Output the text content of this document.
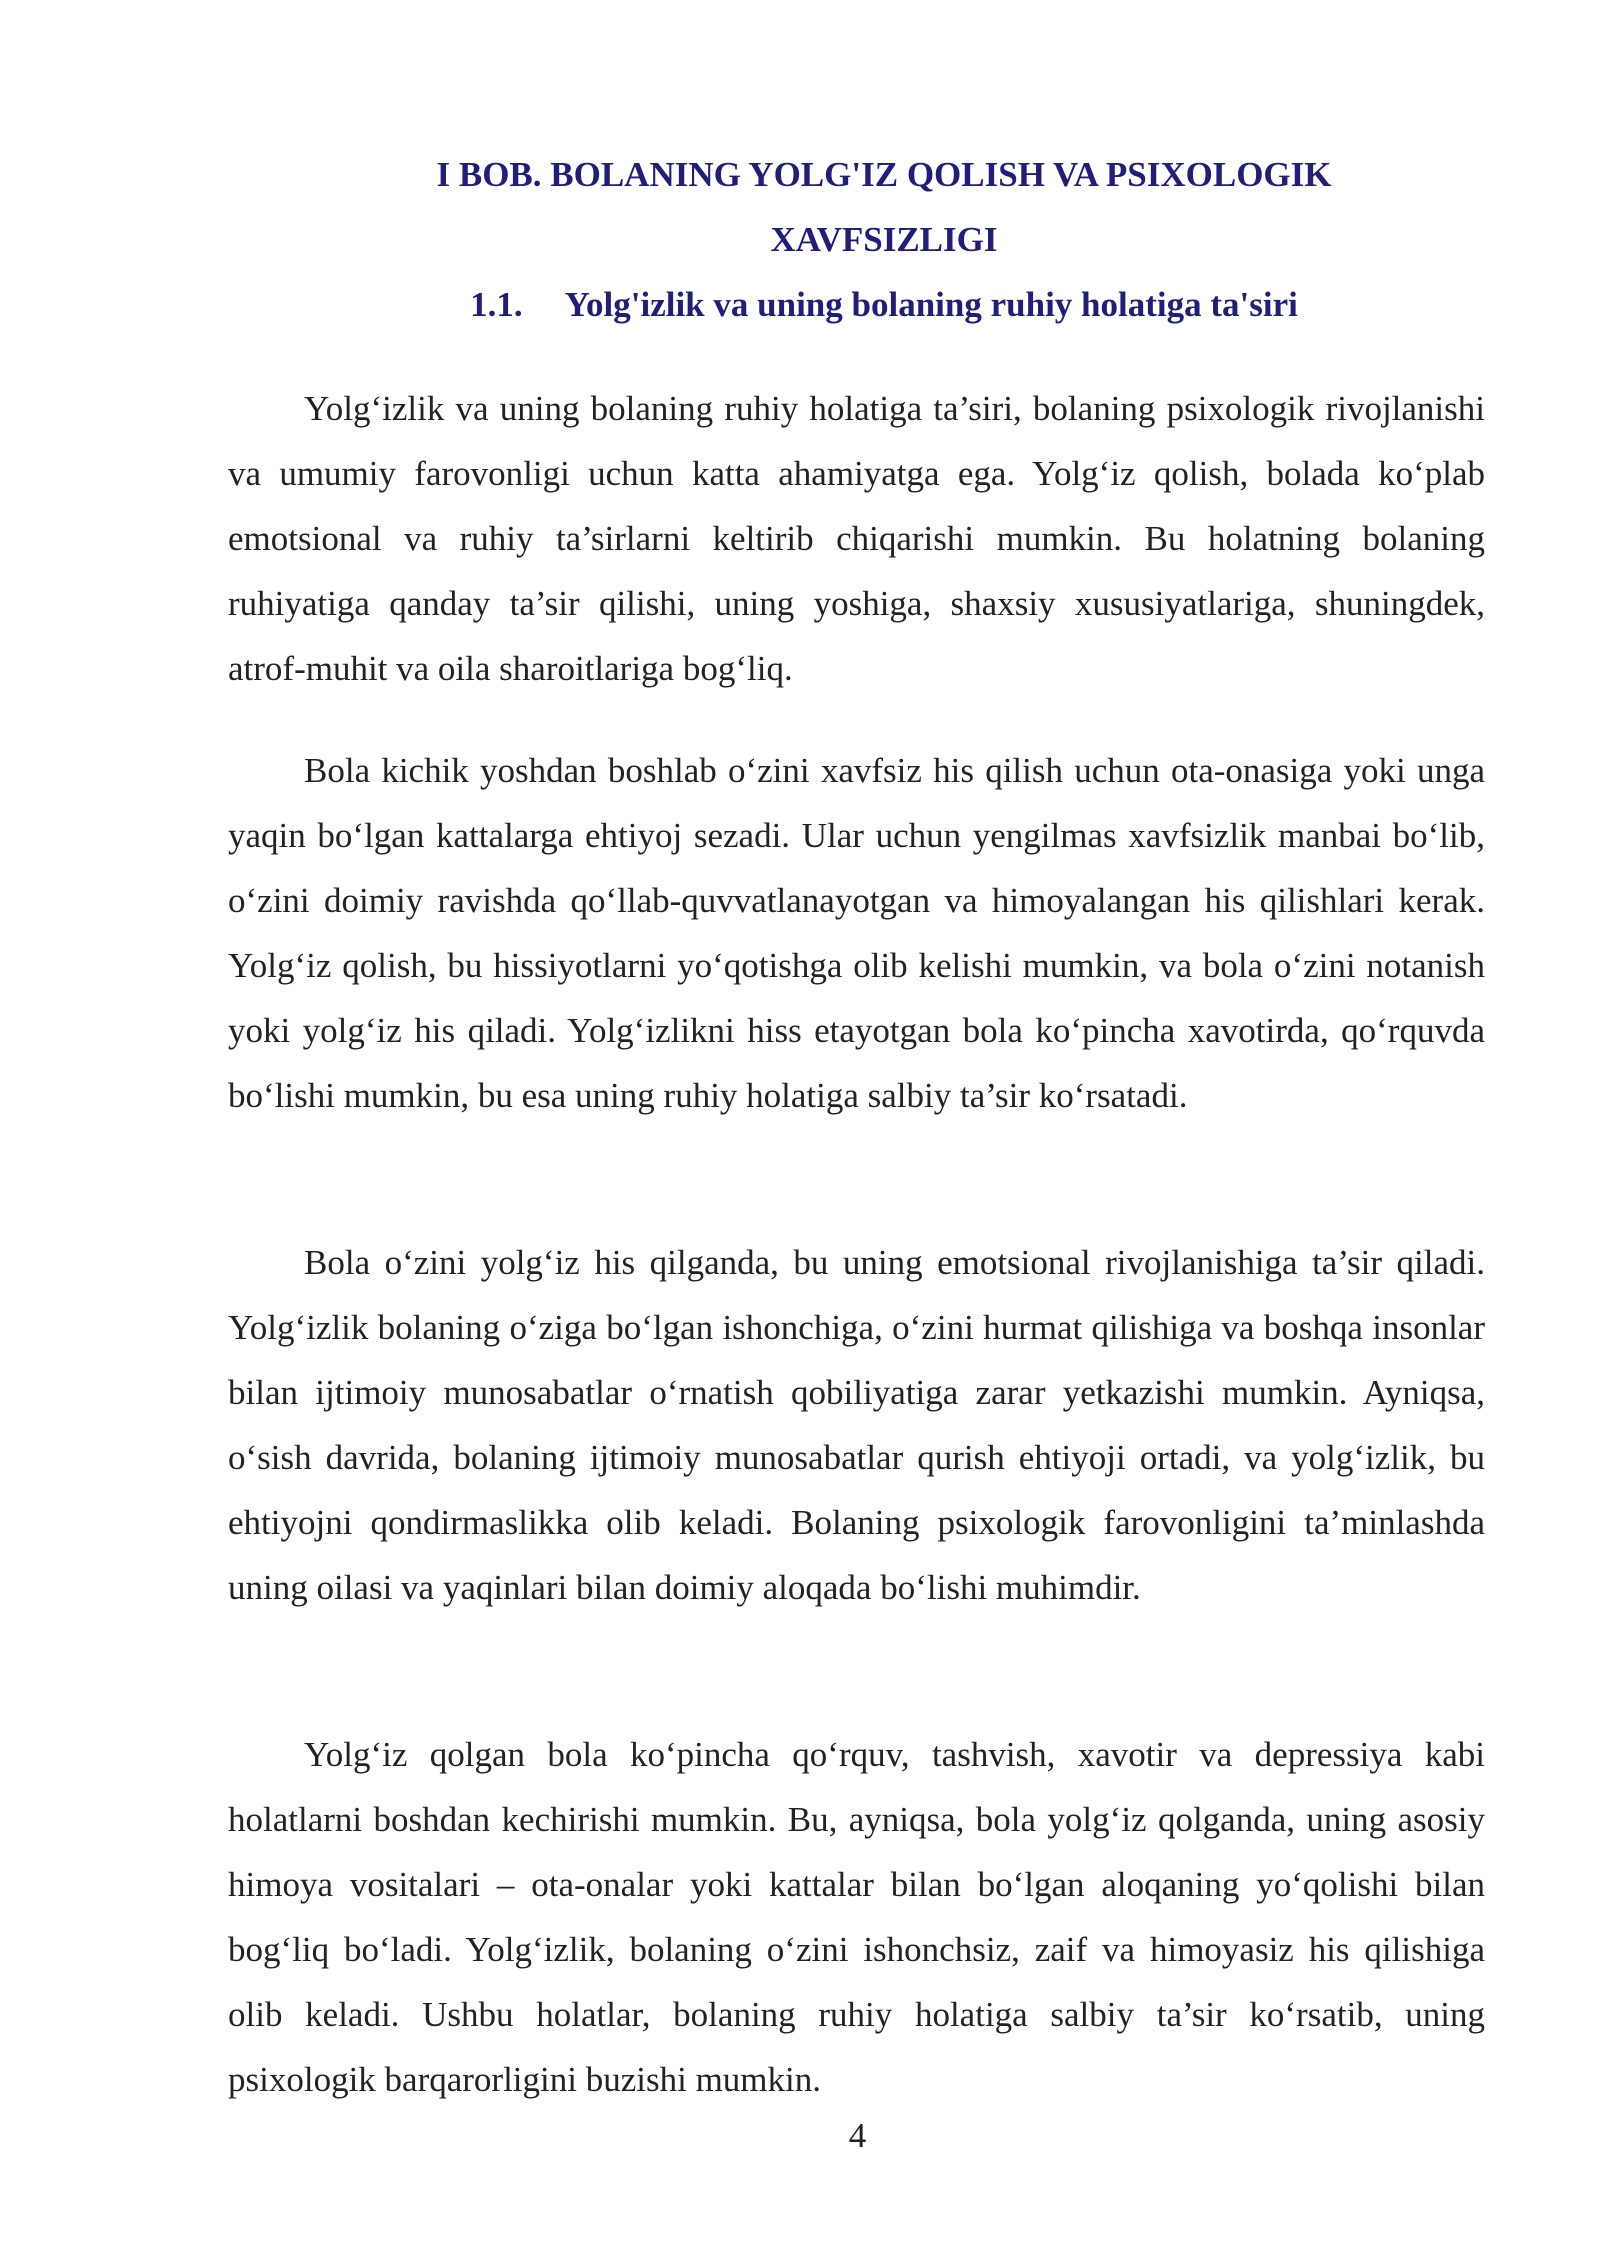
I BOB. BOLANING YOLG'IZ QOLISH VA PSIXOLOGIK
XAVFSIZLIGI
1.1. Yolg'izlik va uning bolaning ruhiy holatiga ta'siri

Yolg‘izlik va uning bolaning ruhiy holatiga ta’siri, bolaning psixologik rivojlanishi va umumiy farovonligi uchun katta ahamiyatga ega. Yolg‘iz qolish, bolada ko‘plab emotsional va ruhiy ta’sirlarni keltirib chiqarishi mumkin. Bu holatning bolaning ruhiyatiga qanday ta’sir qilishi, uning yoshiga, shaxsiy xususiyatlariga, shuningdek, atrof-muhit va oila sharoitlariga bog‘liq.

Bola kichik yoshdan boshlab o‘zini xavfsiz his qilish uchun ota-onasiga yoki unga yaqin bo‘lgan kattalarga ehtiyoj sezadi. Ular uchun yengilmas xavfsizlik manbai bo‘lib, o‘zini doimiy ravishda qo‘llab-quvvatlanayotgan va himoyalangan his qilishlari kerak. Yolg‘iz qolish, bu hissiyotlarni yo‘qotishga olib kelishi mumkin, va bola o‘zini notanish yoki yolg‘iz his qiladi. Yolg‘izlikni hiss etayotgan bola ko‘pincha xavotirda, qo‘rquvda bo‘lishi mumkin, bu esa uning ruhiy holatiga salbiy ta’sir ko‘rsatadi.

Bola o‘zini yolg‘iz his qilganda, bu uning emotsional rivojlanishiga ta’sir qiladi. Yolg‘izlik bolaning o‘ziga bo‘lgan ishonchiga, o‘zini hurmat qilishiga va boshqa insonlar bilan ijtimoiy munosabatlar o‘rnatish qobiliyatiga zarar yetkazishi mumkin. Ayniqsa, o‘sish davrida, bolaning ijtimoiy munosabatlar qurish ehtiyoji ortadi, va yolg‘izlik, bu ehtiyojni qondirmaslikka olib keladi. Bolaning psixologik farovonligini ta’minlashda uning oilasi va yaqinlari bilan doimiy aloqada bo‘lishi muhimdir.

Yolg‘iz qolgan bola ko‘pincha qo‘rquv, tashvish, xavotir va depressiya kabi holatlarni boshdan kechirishi mumkin. Bu, ayniqsa, bola yolg‘iz qolganda, uning asosiy himoya vositalari – ota-onalar yoki kattalar bilan bo‘lgan aloqaning yo‘qolishi bilan bog‘liq bo‘ladi. Yolg‘izlik, bolaning o‘zini ishonchsiz, zaif va himoyasiz his qilishiga olib keladi. Ushbu holatlar, bolaning ruhiy holatiga salbiy ta’sir ko‘rsatib, uning psixologik barqarorligini buzishi mumkin.

4
